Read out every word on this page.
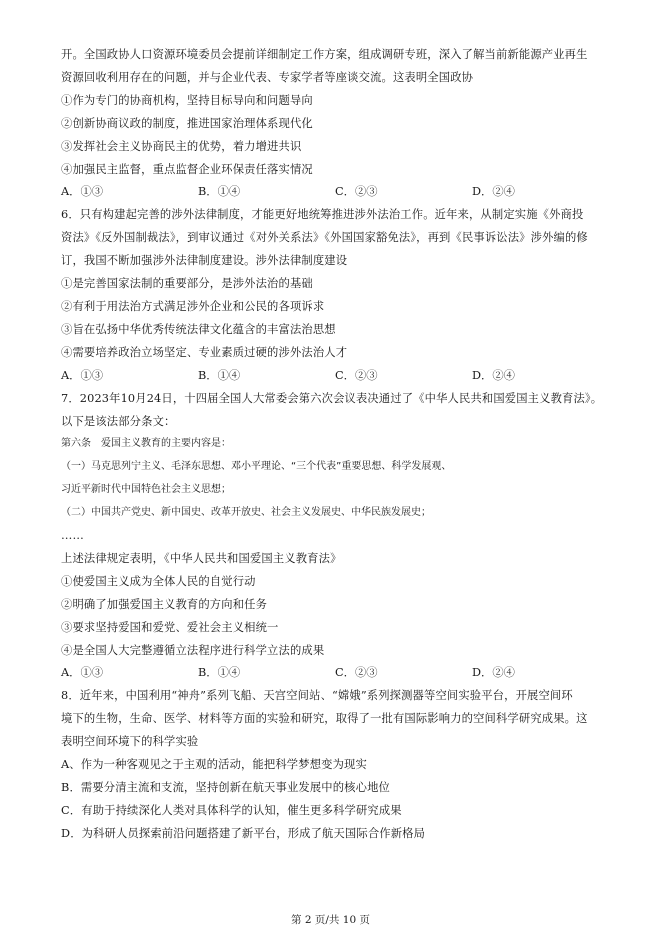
开。全国政协人口资源环境委员会提前详细制定工作方案，组成调研专班，深入了解当前新能源产业再生
资源回收利用存在的问题，并与企业代表、专家学者等座谈交流。这表明全国政协
①作为专门的协商机构，坚持目标导向和问题导向
②创新协商议政的制度，推进国家治理体系现代化
③发挥社会主义协商民主的优势，着力增进共识
④加强民主监督，重点监督企业环保责任落实情况
A．①③	B．①④	C．②③	D．②④
6．只有构建起完善的涉外法律制度，才能更好地统筹推进涉外法治工作。近年来，从制定实施《外商投
资法》《反外国制裁法》，到审议通过《对外关系法》《外国国家豁免法》，再到《民事诉讼法》涉外编的修
订，我国不断加强涉外法律制度建设。涉外法律制度建设
①是完善国家法制的重要部分，是涉外法治的基础
②有利于用法治方式满足涉外企业和公民的各项诉求
③旨在弘扬中华优秀传统法律文化蕴含的丰富法治思想
④需要培养政治立场坚定、专业素质过硬的涉外法治人才
A．①③	B．①④	C．②③	D．②④
7．2023年10月24日，十四届全国人大常委会第六次会议表决通过了《中华人民共和国爱国主义教育法》。
以下是该法部分条文：
第六条　爱国主义教育的主要内容是：
（一）马克思列宁主义、毛泽东思想、邓小平理论、“三个代表”重要思想、科学发展观、
习近平新时代中国特色社会主义思想；
（二）中国共产党史、新中国史、改革开放史、社会主义发展史、中华民族发展史；
……
上述法律规定表明，《中华人民共和国爱国主义教育法》
①使爱国主义成为全体人民的自觉行动
②明确了加强爱国主义教育的方向和任务
③要求坚持爱国和爱党、爱社会主义相统一
④是全国人大完整遵循立法程序进行科学立法的成果
A．①③	B．①④	C．②③	D．②④
8．近年来，中国利用“神舟”系列飞船、天宫空间站、“嫦娥”系列探测器等空间实验平台，开展空间环
境下的生物，生命、医学、材料等方面的实验和研究，取得了一批有国际影响力的空间科学研究成果。这
表明空间环境下的科学实验
A、作为一种客观见之于主观的活动，能把科学梦想变为现实
B．需要分清主流和支流，坚持创新在航天事业发展中的核心地位
C．有助于持续深化人类对具体科学的认知，催生更多科学研究成果
D．为科研人员探索前沿问题搭建了新平台，形成了航天国际合作新格局
第 2 页/共 10 页
